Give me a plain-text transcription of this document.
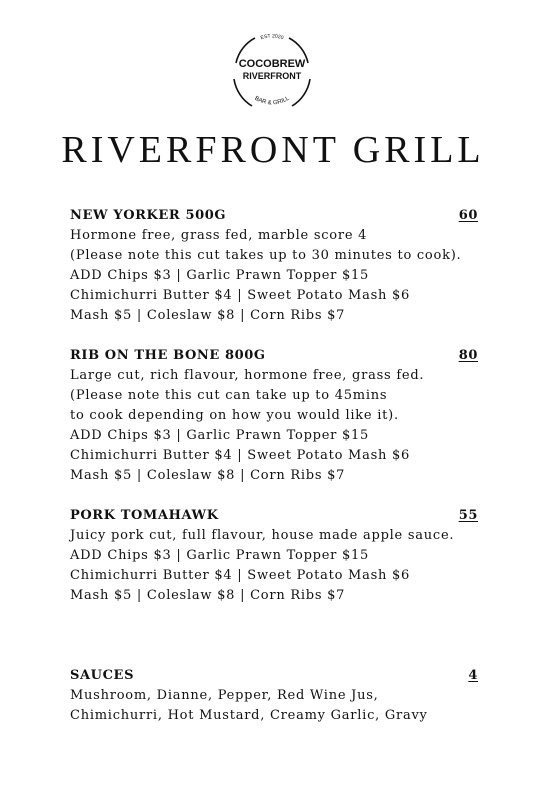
EST 2020
COCOBREW
RIVERFRONT
BAR & GRILL
RIVERFRONT GRILL
NEW YORKER 500G	60
Hormone free, grass fed, marble score 4
(Please note this cut takes up to 30 minutes to cook).
ADD Chips $3 | Garlic Prawn Topper $15
Chimichurri Butter $4 | Sweet Potato Mash $6
Mash $5 | Coleslaw $8 | Corn Ribs $7
RIB ON THE BONE 800G	80
Large cut, rich flavour, hormone free, grass fed.
(Please note this cut can take up to 45mins
to cook depending on how you would like it).
ADD Chips $3 | Garlic Prawn Topper $15
Chimichurri Butter $4 | Sweet Potato Mash $6
Mash $5 | Coleslaw $8 | Corn Ribs $7
PORK TOMAHAWK	55
Juicy pork cut, full flavour, house made apple sauce.
ADD Chips $3 | Garlic Prawn Topper $15
Chimichurri Butter $4 | Sweet Potato Mash $6
Mash $5 | Coleslaw $8 | Corn Ribs $7
SAUCES	4
Mushroom, Dianne, Pepper, Red Wine Jus,
Chimichurri, Hot Mustard, Creamy Garlic, Gravy
